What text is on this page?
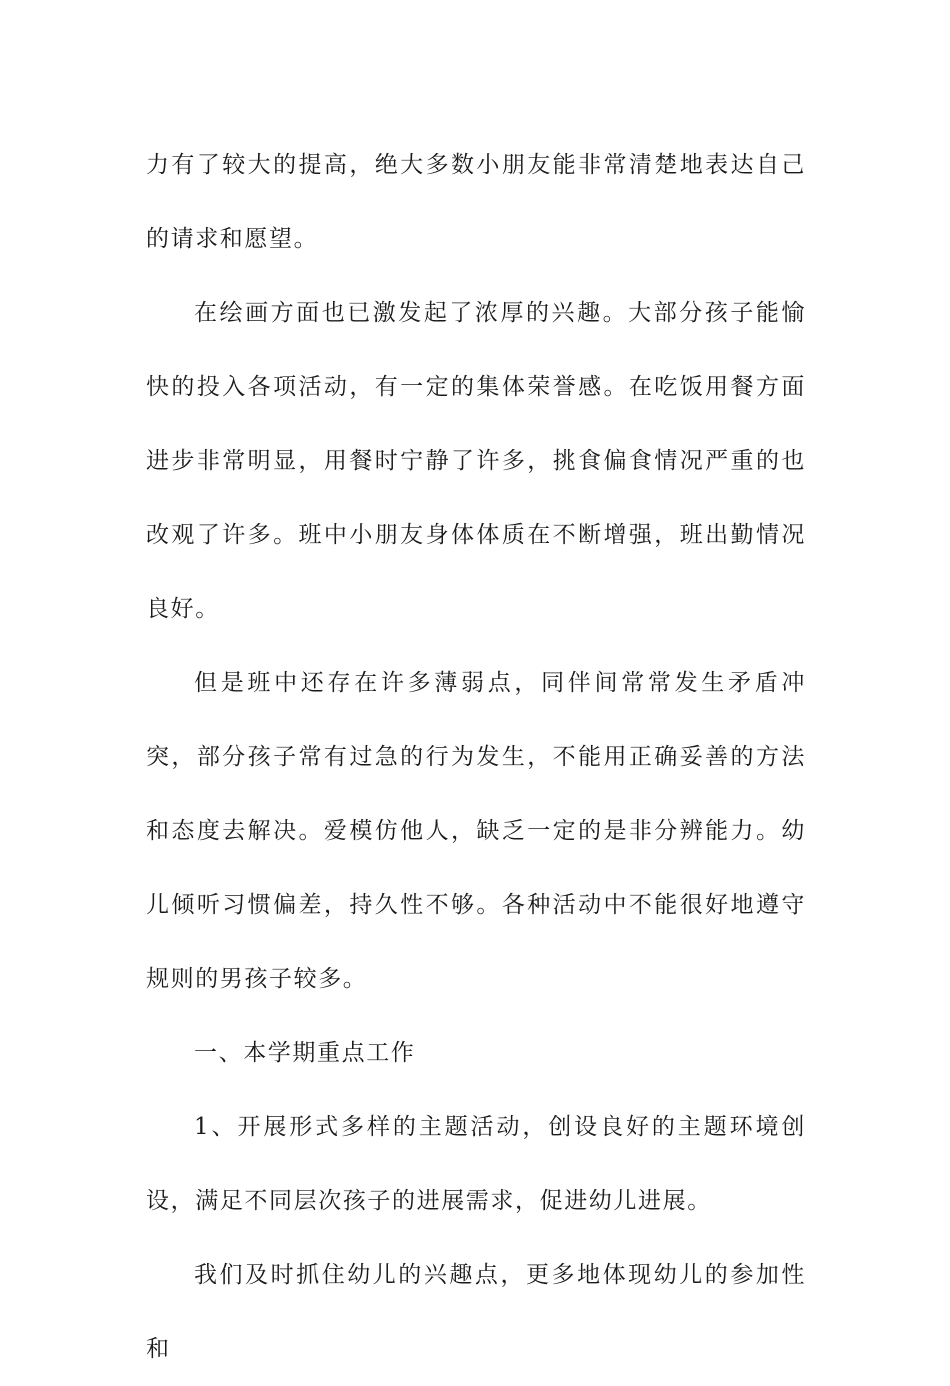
力有了较大的提高，绝大多数小朋友能非常清楚地表达自己的请求和愿望。

在绘画方面也已激发起了浓厚的兴趣。大部分孩子能愉快的投入各项活动，有一定的集体荣誉感。在吃饭用餐方面进步非常明显，用餐时宁静了许多，挑食偏食情况严重的也改观了许多。班中小朋友身体体质在不断增强，班出勤情况良好。

但是班中还存在许多薄弱点，同伴间常常发生矛盾冲突，部分孩子常有过急的行为发生，不能用正确妥善的方法和态度去解决。爱模仿他人，缺乏一定的是非分辨能力。幼儿倾听习惯偏差，持久性不够。各种活动中不能很好地遵守规则的男孩子较多。

一、本学期重点工作

1、开展形式多样的主题活动，创设良好的主题环境创设，满足不同层次孩子的进展需求，促进幼儿进展。

我们及时抓住幼儿的兴趣点，更多地体现幼儿的参加性和
